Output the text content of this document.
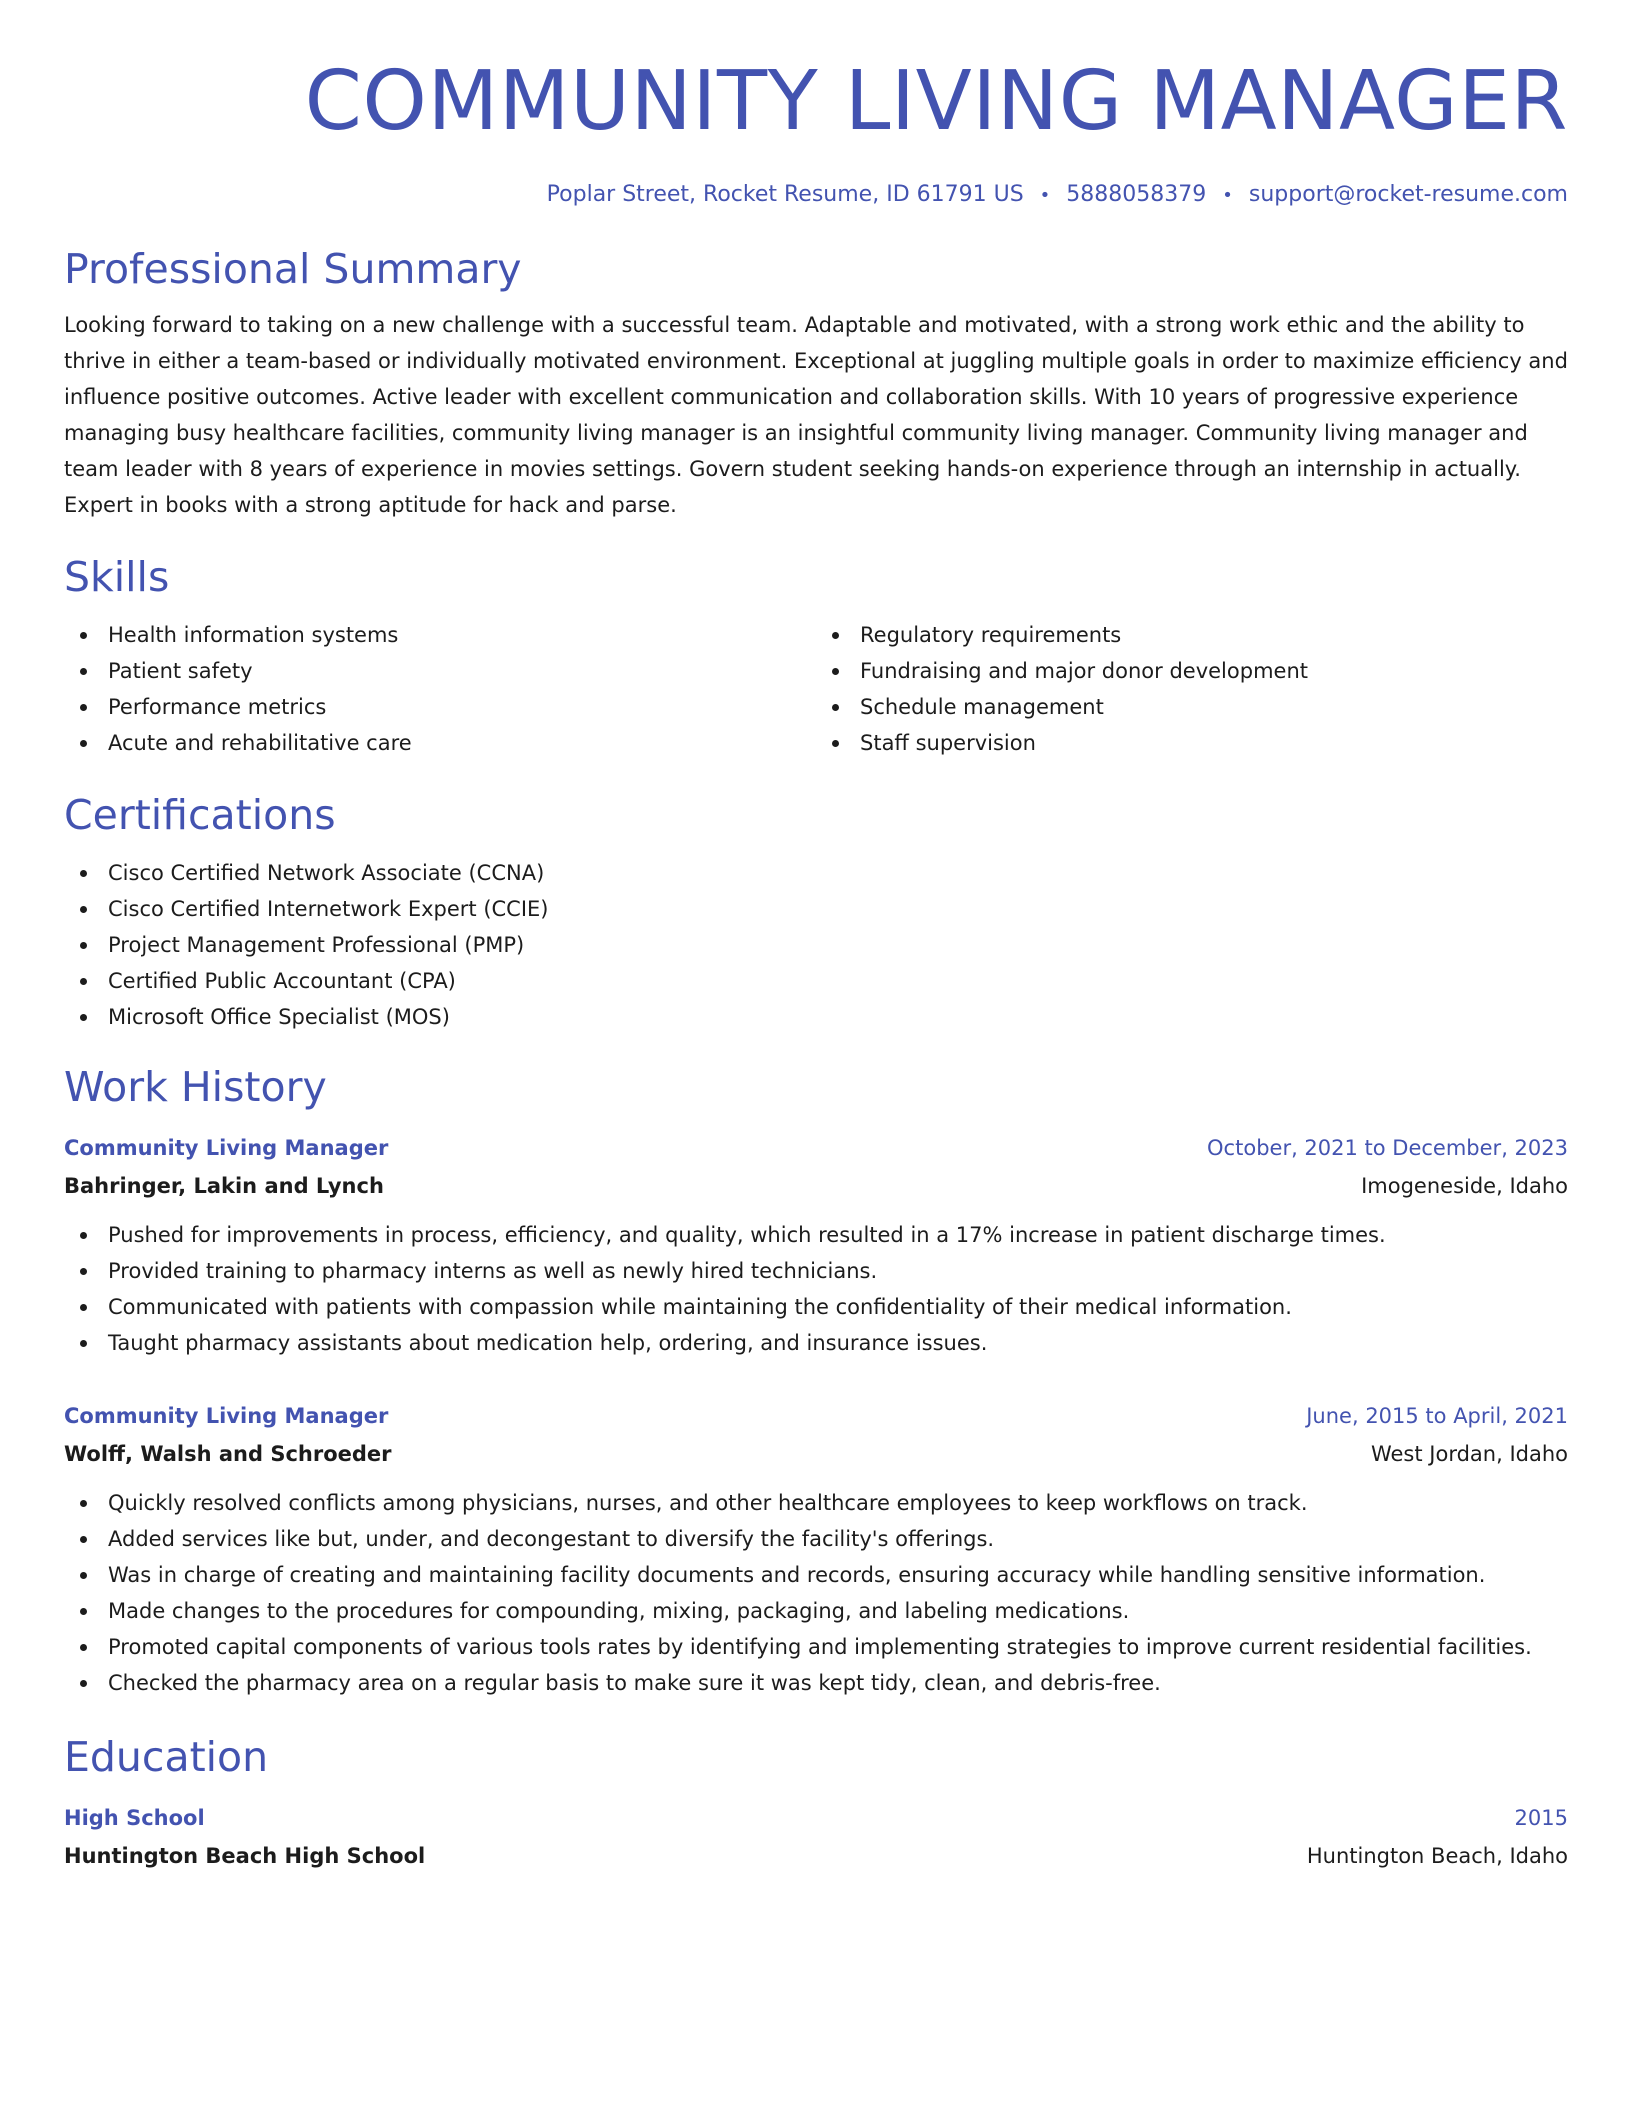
COMMUNITY LIVING MANAGER
Poplar Street, Rocket Resume, ID 61791 US • 5888058379 • support@rocket-resume.com
Professional Summary

Looking forward to taking on a new challenge with a successful team. Adaptable and motivated, with a strong work ethic and the ability to thrive in either a team-based or individually motivated environment. Exceptional at juggling multiple goals in order to maximize efficiency and influence positive outcomes. Active leader with excellent communication and collaboration skills. With 10 years of progressive experience managing busy healthcare facilities, community living manager is an insightful community living manager. Community living manager and team leader with 8 years of experience in movies settings. Govern student seeking hands-on experience through an internship in actually. Expert in books with a strong aptitude for hack and parse.

Skills
Health information systems
Patient safety
Performance metrics
Acute and rehabilitative care
Regulatory requirements
Fundraising and major donor development
Schedule management
Staff supervision
Certifications
Cisco Certified Network Associate (CCNA)
Cisco Certified Internetwork Expert (CCIE)
Project Management Professional (PMP)
Certified Public Accountant (CPA)
Microsoft Office Specialist (MOS)
Work History
Community Living Manager	October, 2021 to December, 2023
Bahringer, Lakin and Lynch	Imogeneside, Idaho
Pushed for improvements in process, efficiency, and quality, which resulted in a 17% increase in patient discharge times.
Provided training to pharmacy interns as well as newly hired technicians.
Communicated with patients with compassion while maintaining the confidentiality of their medical information.
Taught pharmacy assistants about medication help, ordering, and insurance issues.
Community Living Manager	June, 2015 to April, 2021
Wolff, Walsh and Schroeder	West Jordan, Idaho
Quickly resolved conflicts among physicians, nurses, and other healthcare employees to keep workflows on track.
Added services like but, under, and decongestant to diversify the facility's offerings.
Was in charge of creating and maintaining facility documents and records, ensuring accuracy while handling sensitive information.
Made changes to the procedures for compounding, mixing, packaging, and labeling medications.
Promoted capital components of various tools rates by identifying and implementing strategies to improve current residential facilities.
Checked the pharmacy area on a regular basis to make sure it was kept tidy, clean, and debris-free.
Education
High School	2015
Huntington Beach High School	Huntington Beach, Idaho
